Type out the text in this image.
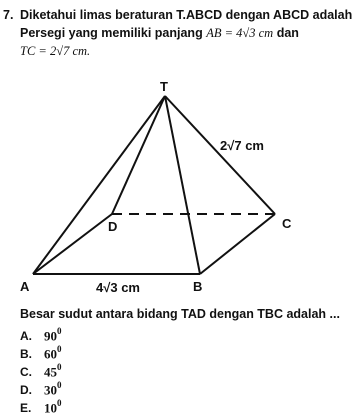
7. Diketahui limas beraturan T.ABCD dengan ABCD adalah
Persegi yang memiliki panjang AB = 4√3 cm dan
TC = 2√7 cm.
T
A	B
C
D
2√7 cm
4√3 cm
Besar sudut antara bidang TAD dengan TBC adalah ...
A. $90^0$
B. $60^0$
C. $45^0$
D. $30^0$
E. $10^0$
